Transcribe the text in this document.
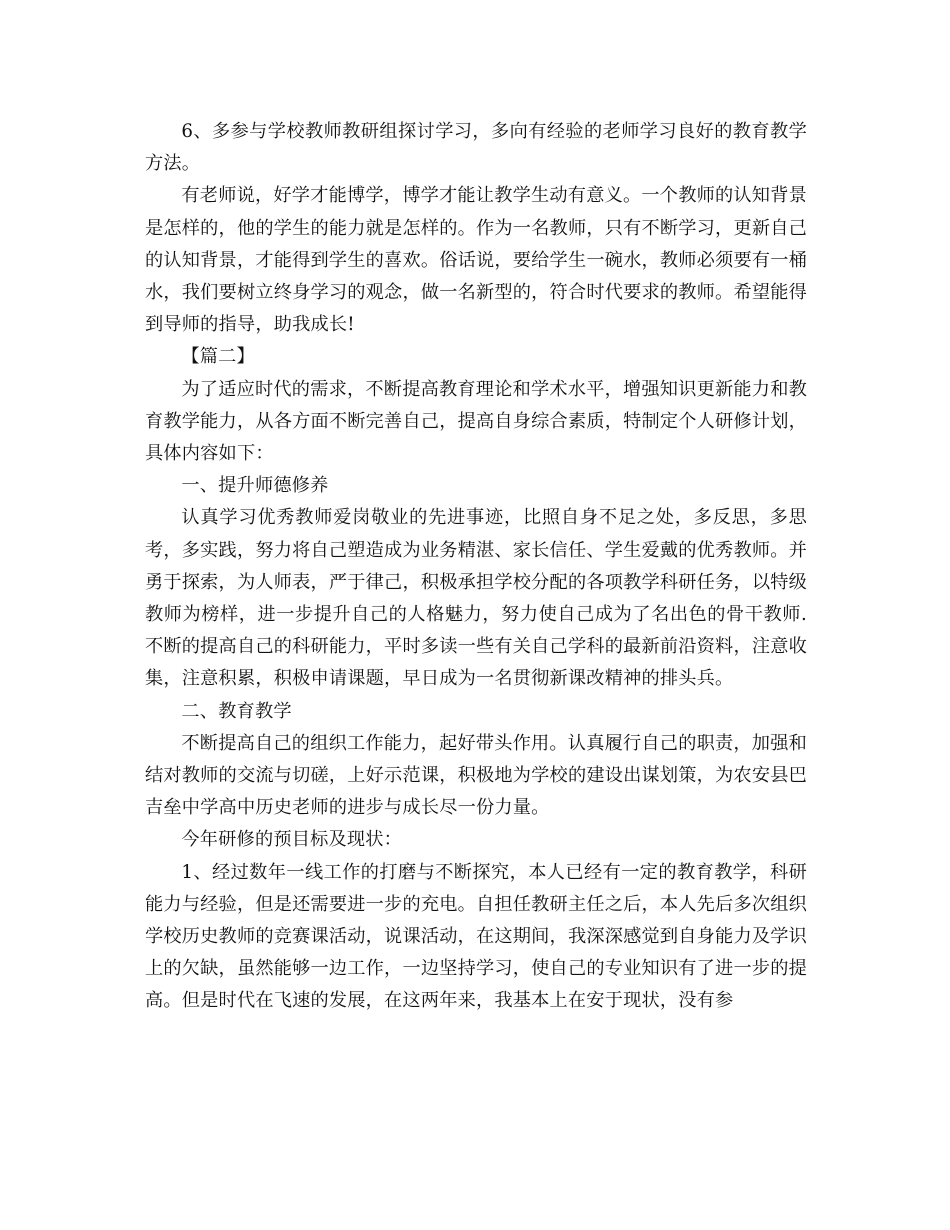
6、多参与学校教师教研组探讨学习，多向有经验的老师学习良好的教育教学方法。

有老师说，好学才能博学，博学才能让教学生动有意义。一个教师的认知背景是怎样的，他的学生的能力就是怎样的。作为一名教师，只有不断学习，更新自己的认知背景，才能得到学生的喜欢。俗话说，要给学生一碗水，教师必须要有一桶水，我们要树立终身学习的观念，做一名新型的，符合时代要求的教师。希望能得到导师的指导，助我成长!

【篇二】

为了适应时代的需求，不断提高教育理论和学术水平，增强知识更新能力和教育教学能力，从各方面不断完善自己，提高自身综合素质，特制定个人研修计划，具体内容如下：

一、提升师德修养

认真学习优秀教师爱岗敬业的先进事迹，比照自身不足之处，多反思，多思考，多实践，努力将自己塑造成为业务精湛、家长信任、学生爱戴的优秀教师。并勇于探索，为人师表，严于律己，积极承担学校分配的各项教学科研任务，以特级教师为榜样，进一步提升自己的人格魅力，努力使自己成为了名出色的骨干教师.不断的提高自己的科研能力，平时多读一些有关自己学科的最新前沿资料，注意收集，注意积累，积极申请课题，早日成为一名贯彻新课改精神的排头兵。

二、教育教学

不断提高自己的组织工作能力，起好带头作用。认真履行自己的职责，加强和结对教师的交流与切磋，上好示范课，积极地为学校的建设出谋划策，为农安县巴吉垒中学高中历史老师的进步与成长尽一份力量。

今年研修的预目标及现状：

1、经过数年一线工作的打磨与不断探究，本人已经有一定的教育教学，科研能力与经验，但是还需要进一步的充电。自担任教研主任之后，本人先后多次组织学校历史教师的竞赛课活动，说课活动，在这期间，我深深感觉到自身能力及学识上的欠缺，虽然能够一边工作，一边坚持学习，使自己的专业知识有了进一步的提高。但是时代在飞速的发展，在这两年来，我基本上在安于现状，没有参
